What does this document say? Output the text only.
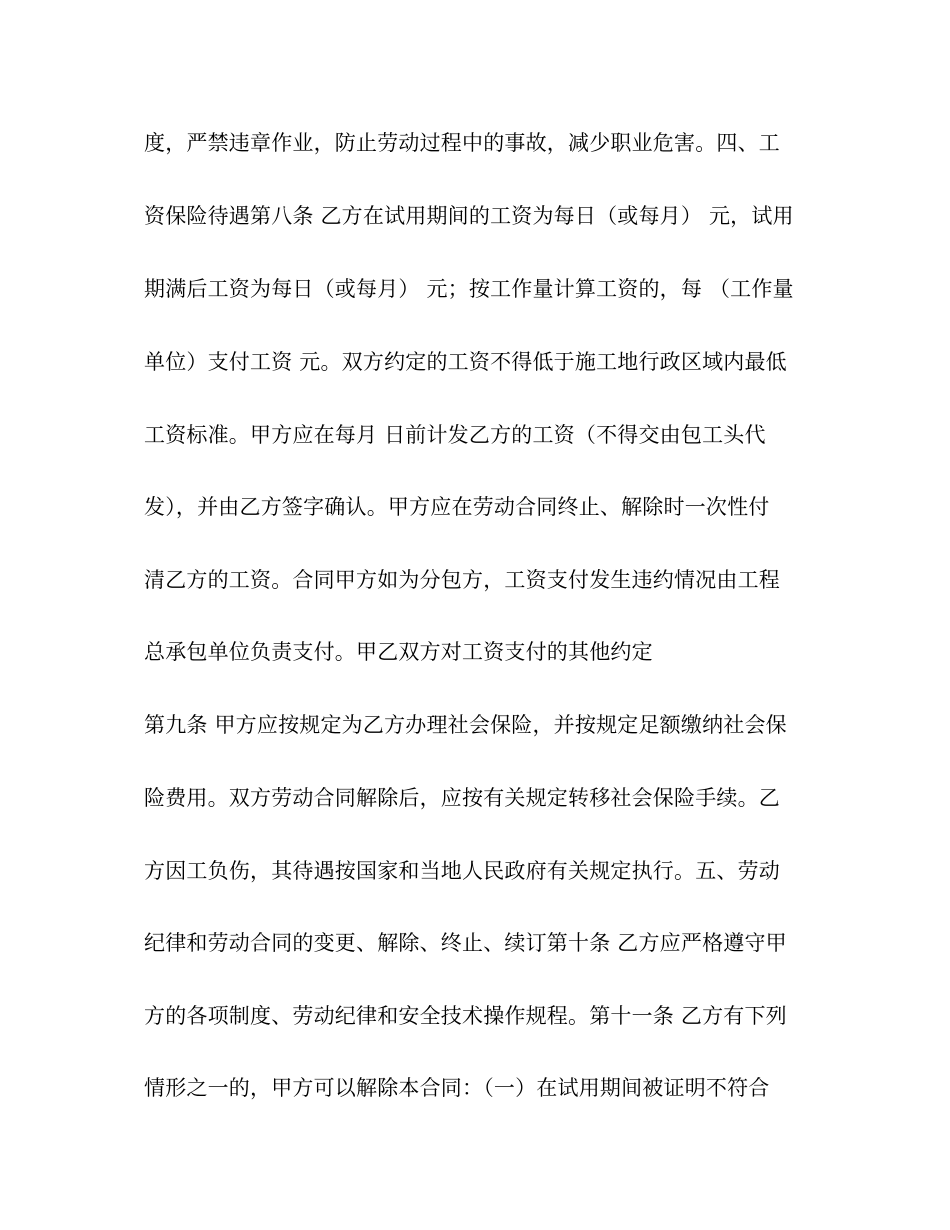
度，严禁违章作业，防止劳动过程中的事故，减少职业危害。四、工
资保险待遇第八条 乙方在试用期间的工资为每日（或每月） 元，试用
期满后工资为每日（或每月） 元；按工作量计算工资的，每 （工作量
单位）支付工资 元。双方约定的工资不得低于施工地行政区域内最低
工资标准。甲方应在每月 日前计发乙方的工资（不得交由包工头代
发），并由乙方签字确认。甲方应在劳动合同终止、解除时一次性付
清乙方的工资。合同甲方如为分包方，工资支付发生违约情况由工程
总承包单位负责支付。甲乙双方对工资支付的其他约定
第九条 甲方应按规定为乙方办理社会保险，并按规定足额缴纳社会保
险费用。双方劳动合同解除后，应按有关规定转移社会保险手续。乙
方因工负伤，其待遇按国家和当地人民政府有关规定执行。五、劳动
纪律和劳动合同的变更、解除、终止、续订第十条 乙方应严格遵守甲
方的各项制度、劳动纪律和安全技术操作规程。第十一条 乙方有下列
情形之一的，甲方可以解除本合同：（一）在试用期间被证明不符合
